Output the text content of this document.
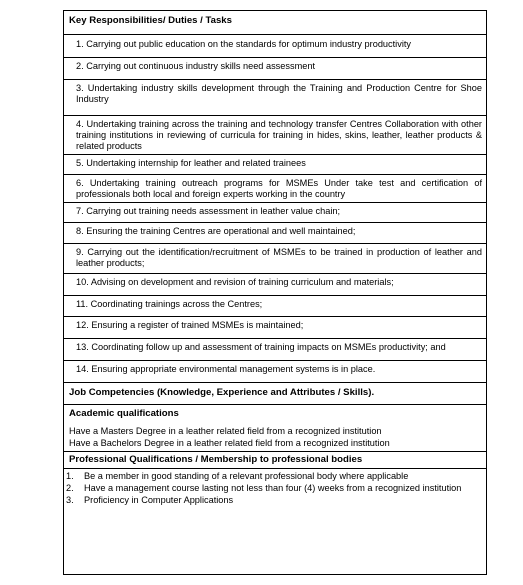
Key Responsibilities/ Duties / Tasks
1. Carrying out public education on the standards for optimum industry productivity
2. Carrying out continuous industry skills need assessment
3. Undertaking industry skills development through the Training and Production Centre for Shoe Industry
4. Undertaking training across the training and technology transfer Centres Collaboration with other training institutions in reviewing of curricula for training in hides, skins, leather, leather products & related products
5. Undertaking internship for leather and related trainees
6. Undertaking training outreach programs for MSMEs Under take test and certification of professionals both local and foreign experts working in the country
7. Carrying out training needs assessment in leather value chain;
8. Ensuring the training Centres are operational and well maintained;
9. Carrying out the identification/recruitment of MSMEs to be trained in production of leather and leather products;
10. Advising on development and revision of training curriculum and materials;
11. Coordinating trainings across the Centres;
12. Ensuring a register of trained MSMEs is maintained;
13. Coordinating follow up and assessment of training impacts on MSMEs productivity; and
14. Ensuring appropriate environmental management systems is in place.
Job Competencies (Knowledge, Experience and Attributes / Skills).
Academic qualifications
Have a Masters Degree in a leather related field from a recognized institution
Have a Bachelors Degree in a leather related field from a recognized institution
Professional Qualifications / Membership to professional bodies
1. Be a member in good standing of a relevant professional body where applicable
2. Have a management course lasting not less than four (4) weeks from a recognized institution
3. Proficiency in Computer Applications
